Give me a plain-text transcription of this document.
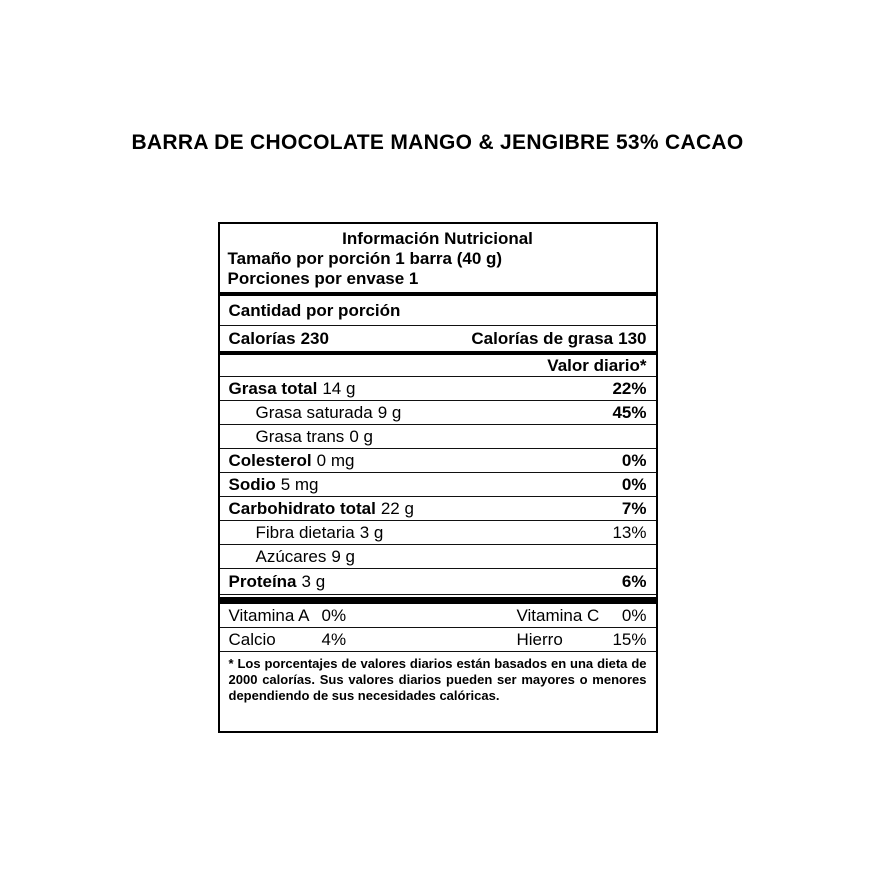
BARRA DE CHOCOLATE MANGO & JENGIBRE 53% CACAO
Información Nutricional
Tamaño por porción 1 barra (40 g)
Porciones por envase 1
Cantidad por porción
Calorías 230	Calorías de grasa 130
Valor diario*
Grasa total 14 g	22%
Grasa saturada 9 g	45%
Grasa trans 0 g
Colesterol 0 mg	0%
Sodio 5 mg	0%
Carbohidrato total 22 g	7%
Fibra dietaria 3 g	13%
Azúcares 9 g
Proteína 3 g	6%
Vitamina A 0%	Vitamina C	0%
Calcio	4%	Hierro	15%
* Los porcentajes de valores diarios están basados en una dieta de 2000 calorías. Sus valores diarios pueden ser mayores o menores dependiendo de sus necesidades calóricas.
